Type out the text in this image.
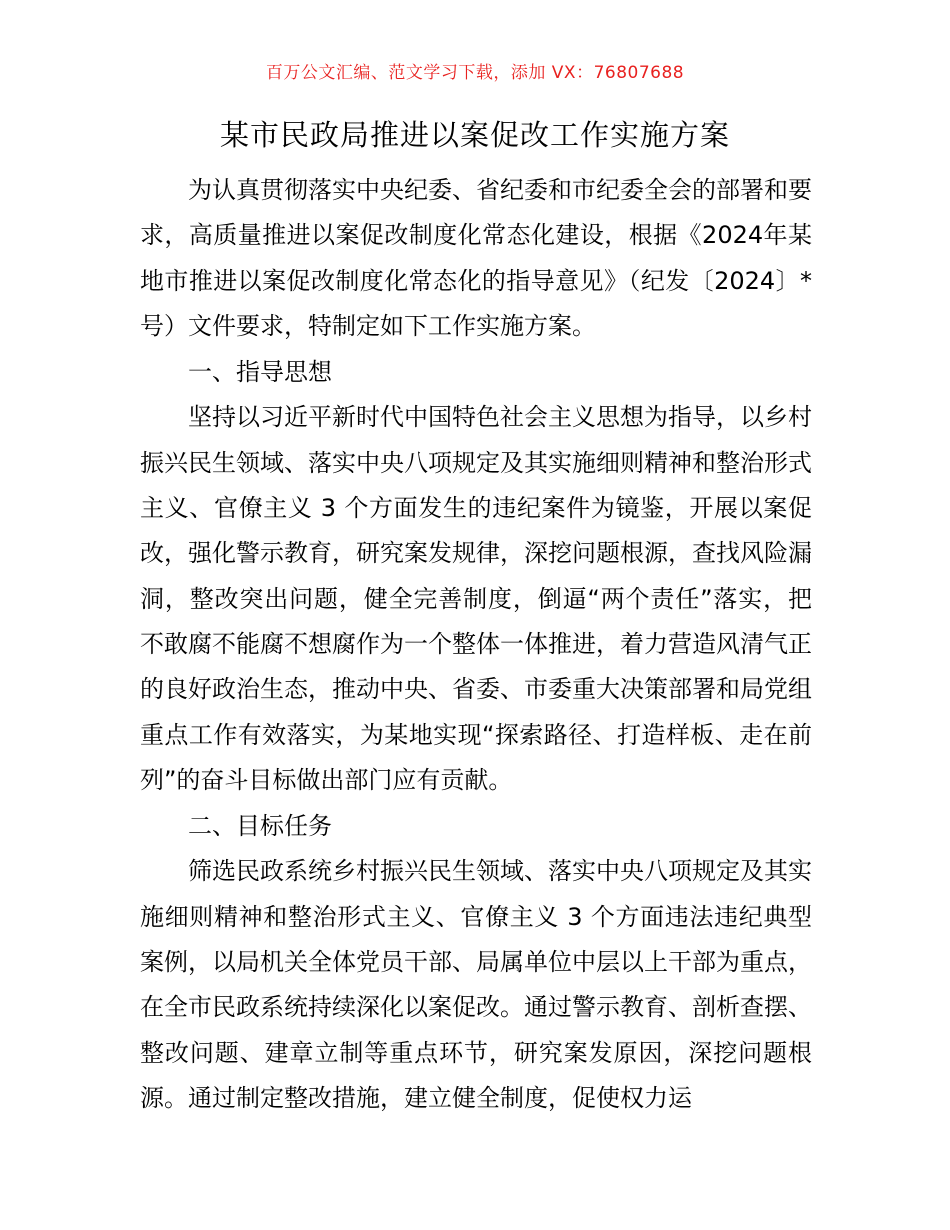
百万公文汇编、范文学习下载，添加 VX：76807688
某市民政局推进以案促改工作实施方案

为认真贯彻落实中央纪委、省纪委和市纪委全会的部署和要求，高质量推进以案促改制度化常态化建设，根据《2024年某地市推进以案促改制度化常态化的指导意见》（纪发〔2024〕*号）文件要求，特制定如下工作实施方案。

一、指导思想

坚持以习近平新时代中国特色社会主义思想为指导，以乡村振兴民生领域、落实中央八项规定及其实施细则精神和整治形式主义、官僚主义 3 个方面发生的违纪案件为镜鉴，开展以案促改，强化警示教育，研究案发规律，深挖问题根源，查找风险漏洞，整改突出问题，健全完善制度，倒逼“两个责任”落实，把不敢腐不能腐不想腐作为一个整体一体推进，着力营造风清气正的良好政治生态，推动中央、省委、市委重大决策部署和局党组重点工作有效落实，为某地实现“探索路径、打造样板、走在前列”的奋斗目标做出部门应有贡献。

二、目标任务

筛选民政系统乡村振兴民生领域、落实中央八项规定及其实施细则精神和整治形式主义、官僚主义 3 个方面违法违纪典型案例，以局机关全体党员干部、局属单位中层以上干部为重点，在全市民政系统持续深化以案促改。通过警示教育、剖析查摆、整改问题、建章立制等重点环节，研究案发原因，深挖问题根源。通过制定整改措施，建立健全制度，促使权力运
